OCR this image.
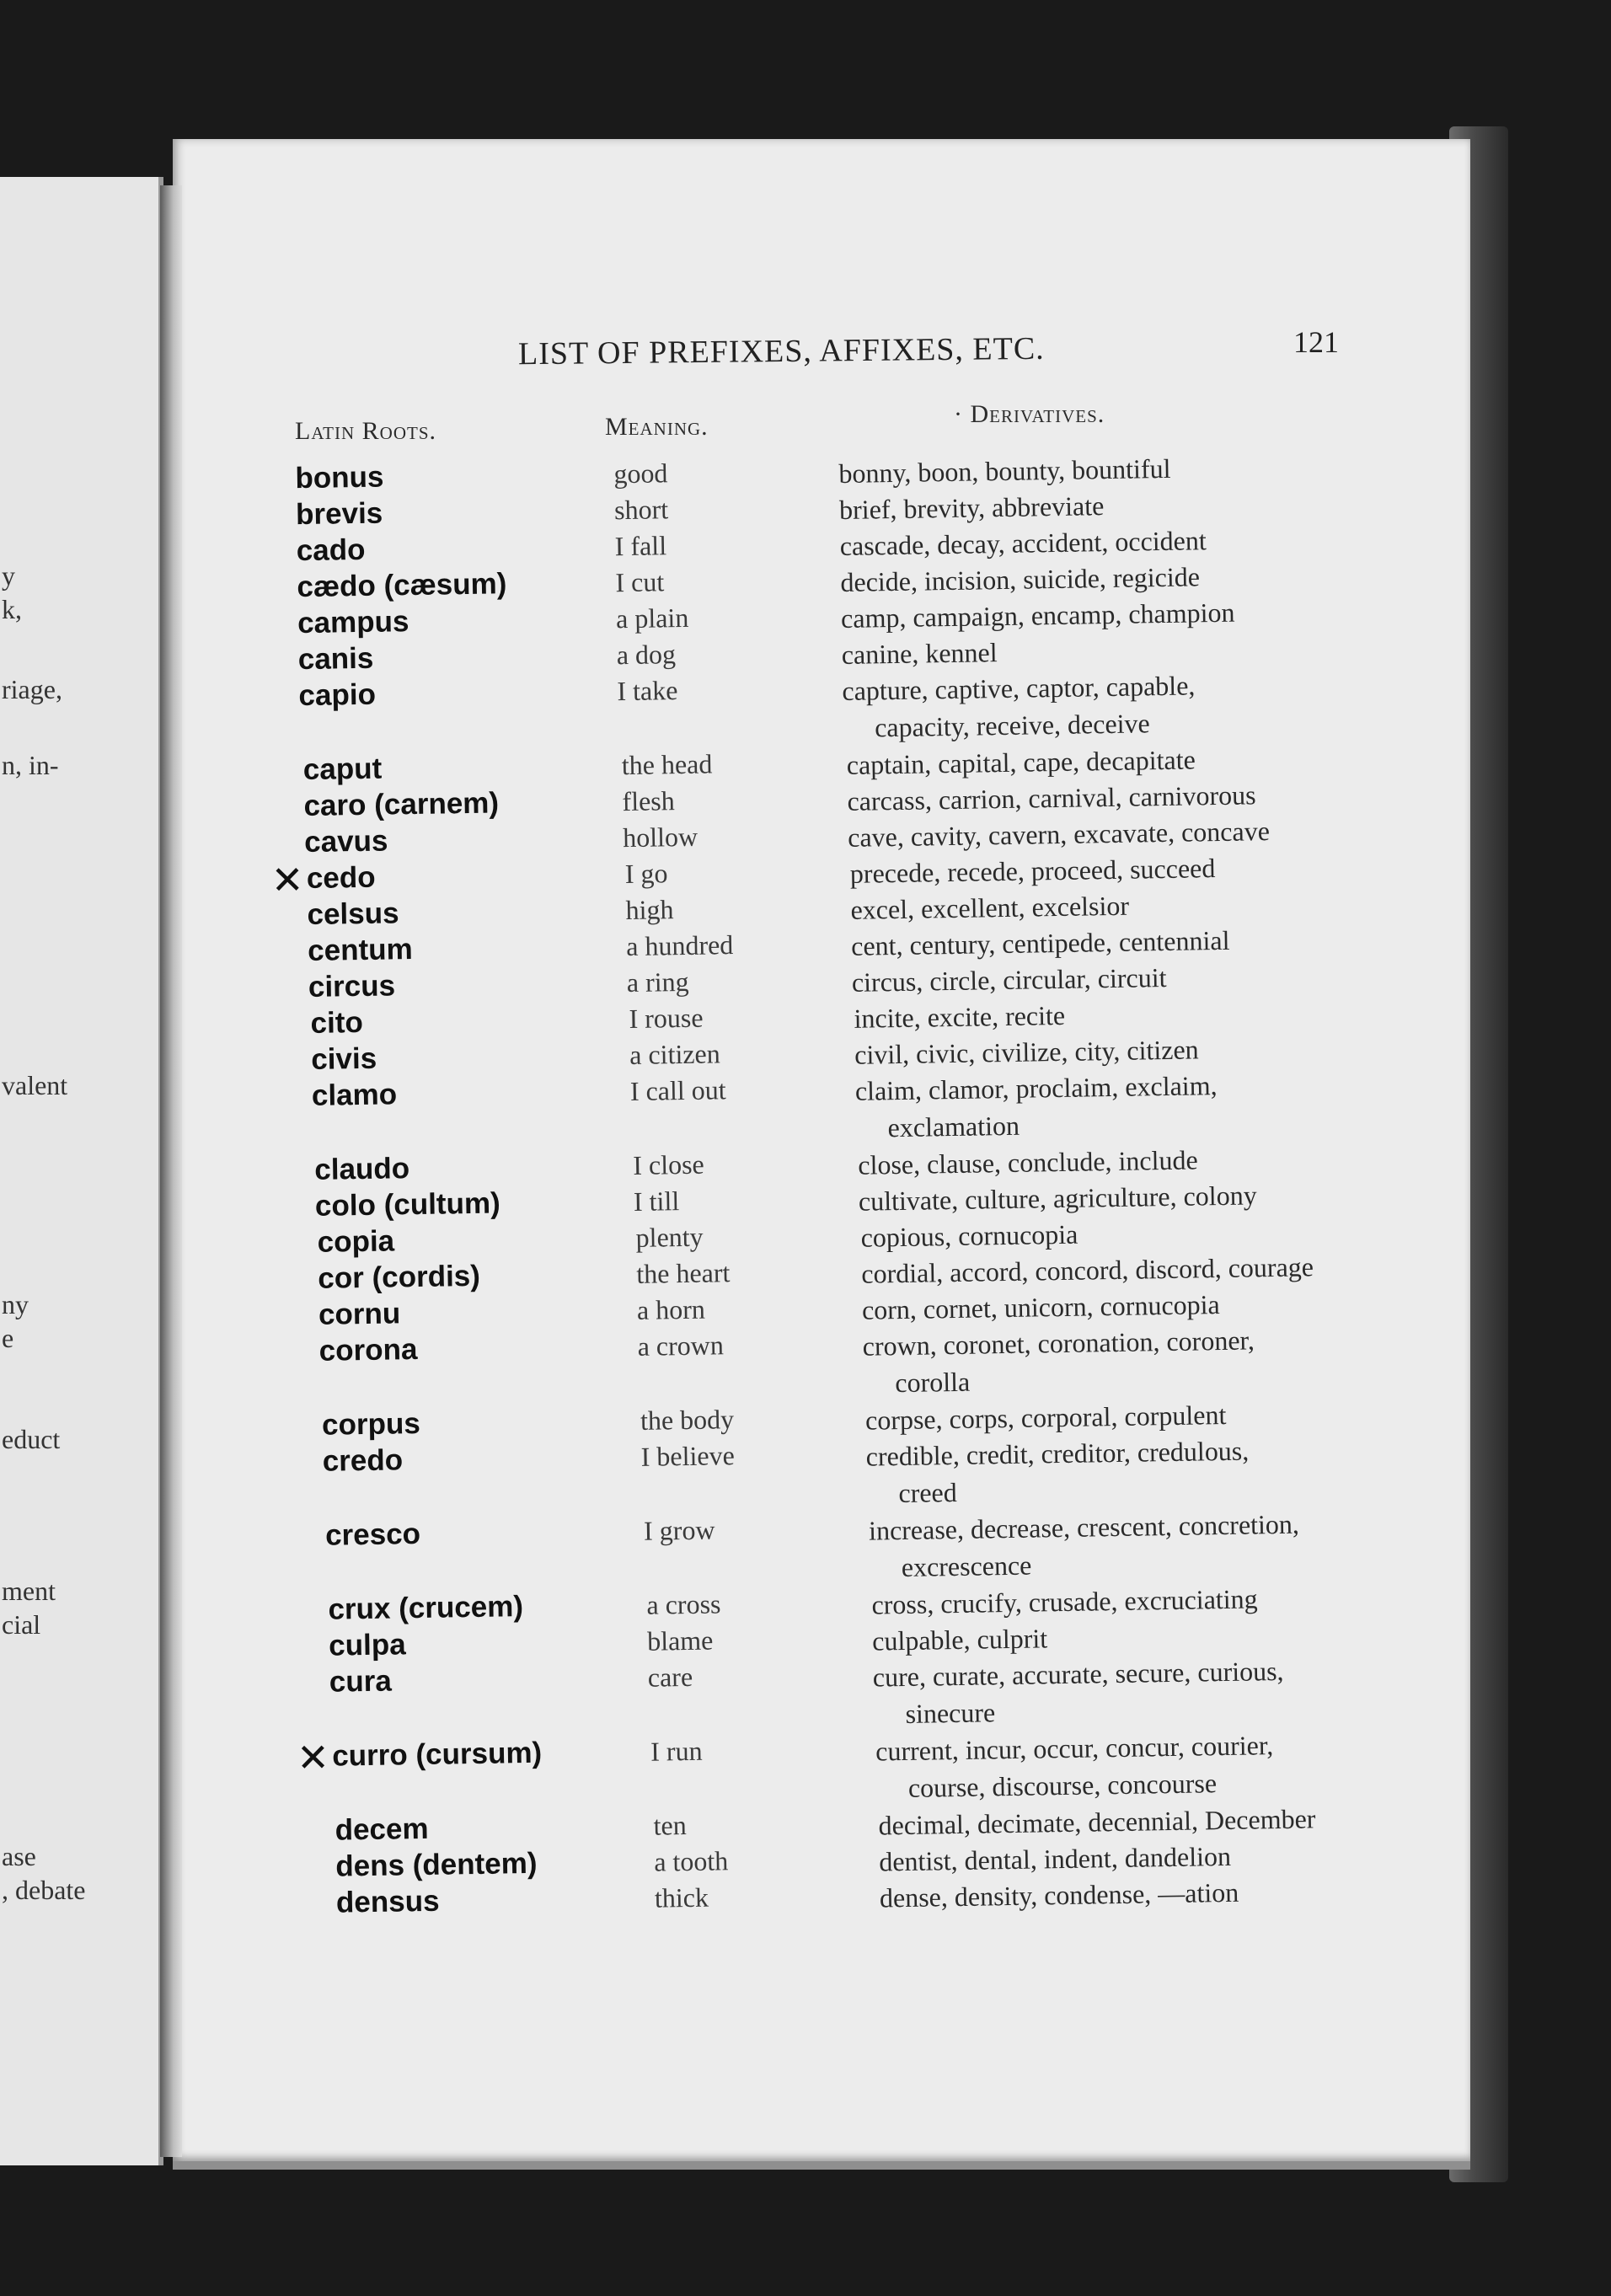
y
k,
riage,
n, in-
valent
ny
e
educt
ment
cial
ase
, debate
LIST OF PREFIXES, AFFIXES, ETC.	121
Latin Roots.	Meaning.	· Derivatives.
bonus	good	bonny, boon, bounty, bountiful
brevis	short	brief, brevity, abbreviate
cado	I fall	cascade, decay, accident, occident
cædo (cæsum)	I cut	decide, incision, suicide, regicide
campus	a plain	camp, campaign, encamp, champion
canis	a dog	canine, kennel
capio	I take	capture, captive, captor, capable,
capacity, receive, deceive
caput	the head	captain, capital, cape, decapitate
caro (carnem)	flesh	carcass, carrion, carnival, carnivorous
cavus	hollow	cave, cavity, cavern, excavate, concave
✕ cedo	I go	precede, recede, proceed, succeed
celsus	high	excel, excellent, excelsior
centum	a hundred	cent, century, centipede, centennial
circus	a ring	circus, circle, circular, circuit
cito	I rouse	incite, excite, recite
civis	a citizen	civil, civic, civilize, city, citizen
clamo	I call out	claim, clamor, proclaim, exclaim,
exclamation
claudo	I close	close, clause, conclude, include
colo (cultum)	I till	cultivate, culture, agriculture, colony
copia	plenty	copious, cornucopia
cor (cordis)	the heart	cordial, accord, concord, discord, courage
cornu	a horn	corn, cornet, unicorn, cornucopia
corona	a crown	crown, coronet, coronation, coroner,
corolla
corpus	the body	corpse, corps, corporal, corpulent
credo	I believe	credible, credit, creditor, credulous,
creed
cresco	I grow	increase, decrease, crescent, concretion,
excrescence
crux (crucem)	a cross	cross, crucify, crusade, excruciating
culpa	blame	culpable, culprit
cura	care	cure, curate, accurate, secure, curious,
sinecure
✕ curro (cursum)	I run	current, incur, occur, concur, courier,
course, discourse, concourse
decem	ten	decimal, decimate, decennial, December
dens (dentem)	a tooth	dentist, dental, indent, dandelion
densus	thick	dense, density, condense, —ation
